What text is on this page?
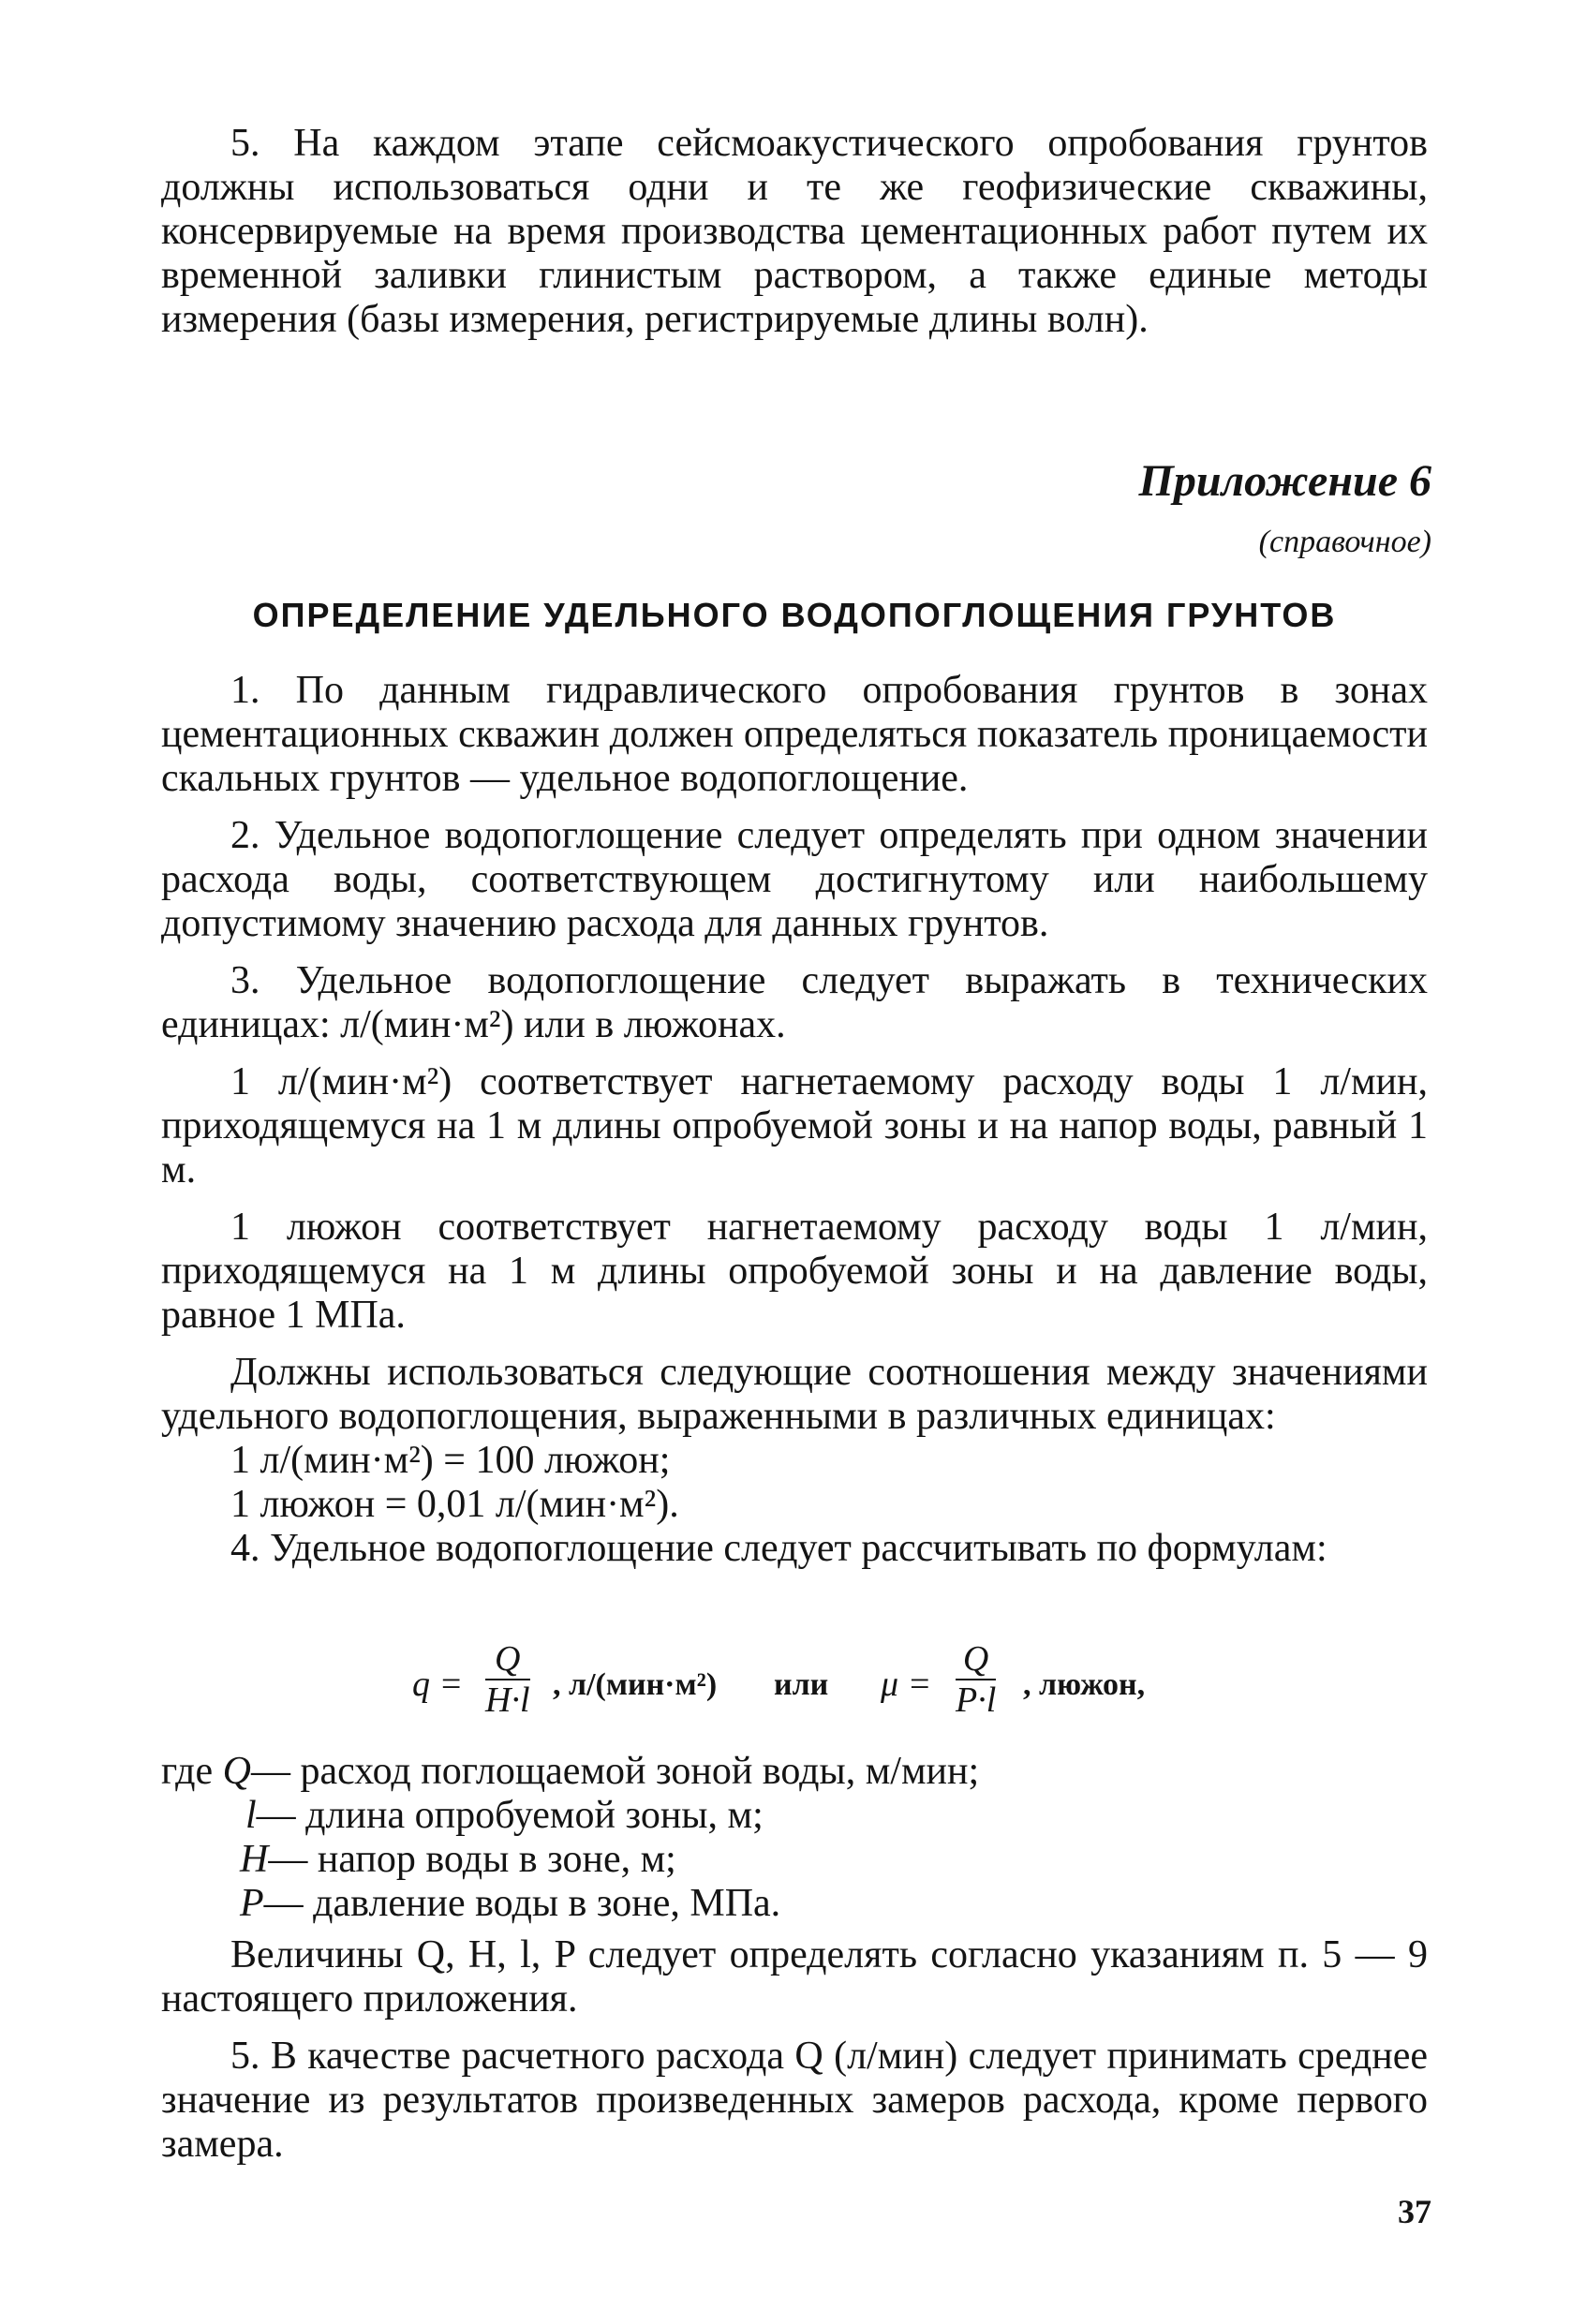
5. На каждом этапе сейсмоакустического опробования грунтов должны использоваться одни и те же геофизические скважины, консервируемые на время производства цементационных работ путем их временной заливки глинистым раствором, а также единые методы измерения (базы измерения, регистрируемые длины волн).

Приложение 6

(справочное)

ОПРЕДЕЛЕНИЕ УДЕЛЬНОГО ВОДОПОГЛОЩЕНИЯ ГРУНТОВ

1. По данным гидравлического опробования грунтов в зонах цементационных скважин должен определяться показатель проницаемости скальных грунтов — удельное водопоглощение.

2. Удельное водопоглощение следует определять при одном значении расхода воды, соответствующем достигнутому или наибольшему допустимому значению расхода для данных грунтов.

3. Удельное водопоглощение следует выражать в технических единицах: л/(мин·м²) или в люжонах.

1 л/(мин·м²) соответствует нагнетаемому расходу воды 1 л/мин, приходящемуся на 1 м длины опробуемой зоны и на напор воды, равный 1 м.

1 люжон соответствует нагнетаемому расходу воды 1 л/мин, приходящемуся на 1 м длины опробуемой зоны и на давление воды, равное 1 МПа.

Должны использоваться следующие соотношения между значениями удельного водопоглощения, выраженными в различных единицах:

1 л/(мин·м²) = 100 люжон;

1 люжон = 0,01 л/(мин·м²).

4. Удельное водопоглощение следует рассчитывать по формулам:

$q = \frac{Q}{H\cdot l}$ , л/(мин·м²) или $\mu = \frac{Q}{P\cdot l}$ , люжон,

где Q— расход поглощаемой зоной воды, м/мин;

l— длина опробуемой зоны, м;

H— напор воды в зоне, м;

P— давление воды в зоне, МПа.

Величины Q, H, l, P следует определять согласно указаниям п. 5 — 9 настоящего приложения.

5. В качестве расчетного расхода Q (л/мин) следует принимать среднее значение из результатов произведенных замеров расхода, кроме первого замера.

37
